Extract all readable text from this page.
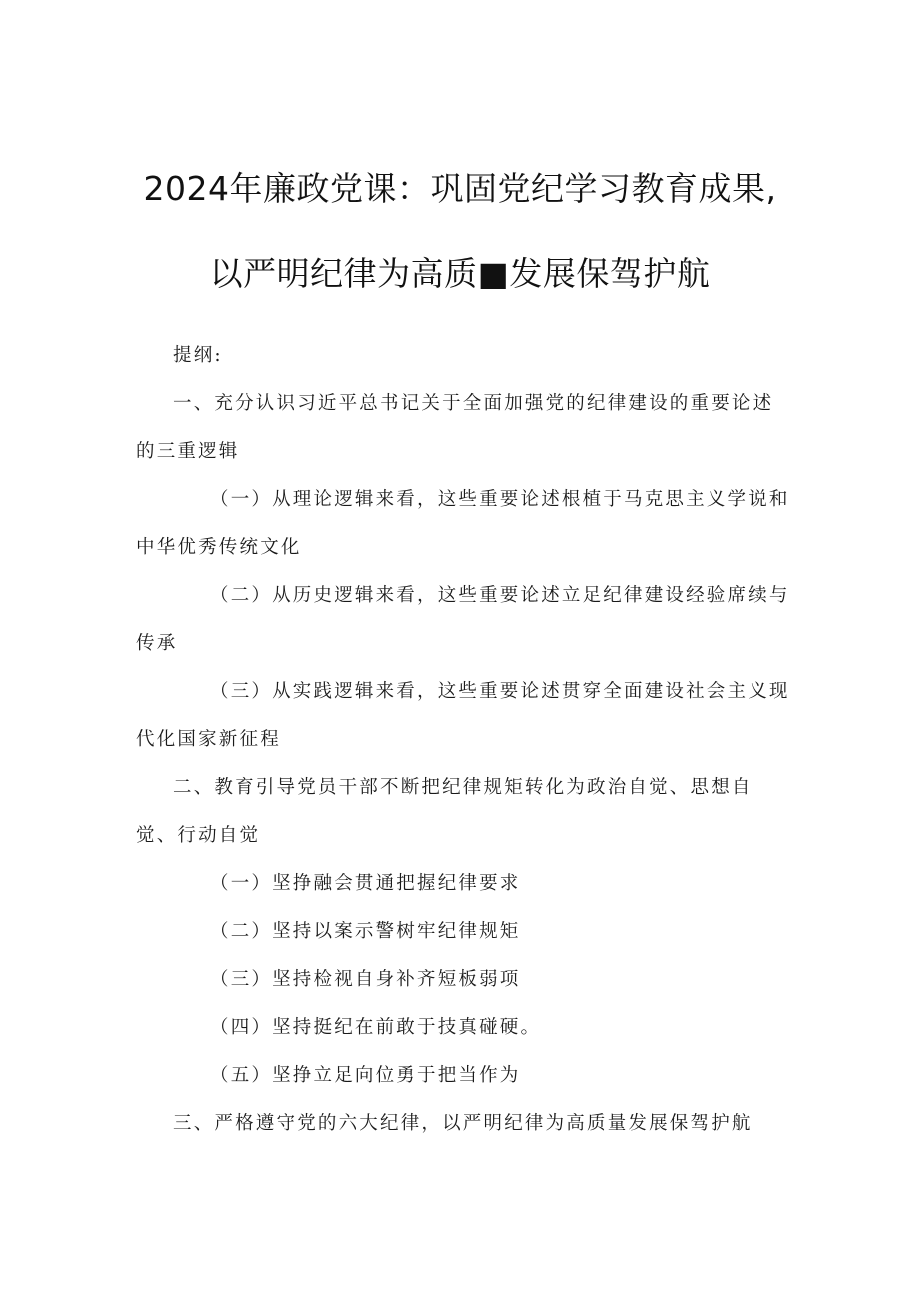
2024年廉政党课：巩固党纪学习教育成果,
以严明纪律为高质■发展保驾护航

提纲:

一、充分认识习近平总书记关于全面加强党的纪律建设的重要论述的三重逻辑

（一）从理论逻辑来看，这些重要论述根植于马克思主义学说和中华优秀传统文化

（二）从历史逻辑来看，这些重要论述立足纪律建设经验席续与传承

（三）从实践逻辑来看，这些重要论述贯穿全面建设社会主义现代化国家新征程

二、教育引导党员干部不断把纪律规矩转化为政治自觉、思想自觉、行动自觉

（一）坚挣融会贯通把握纪律要求

（二）坚持以案示警树牢纪律规矩

（三）坚持检视自身补齐短板弱项

（四）坚持挺纪在前敢于技真碰硬。

（五）坚挣立足向位勇于把当作为

三、严格遵守党的六大纪律，以严明纪律为高质量发展保驾护航
